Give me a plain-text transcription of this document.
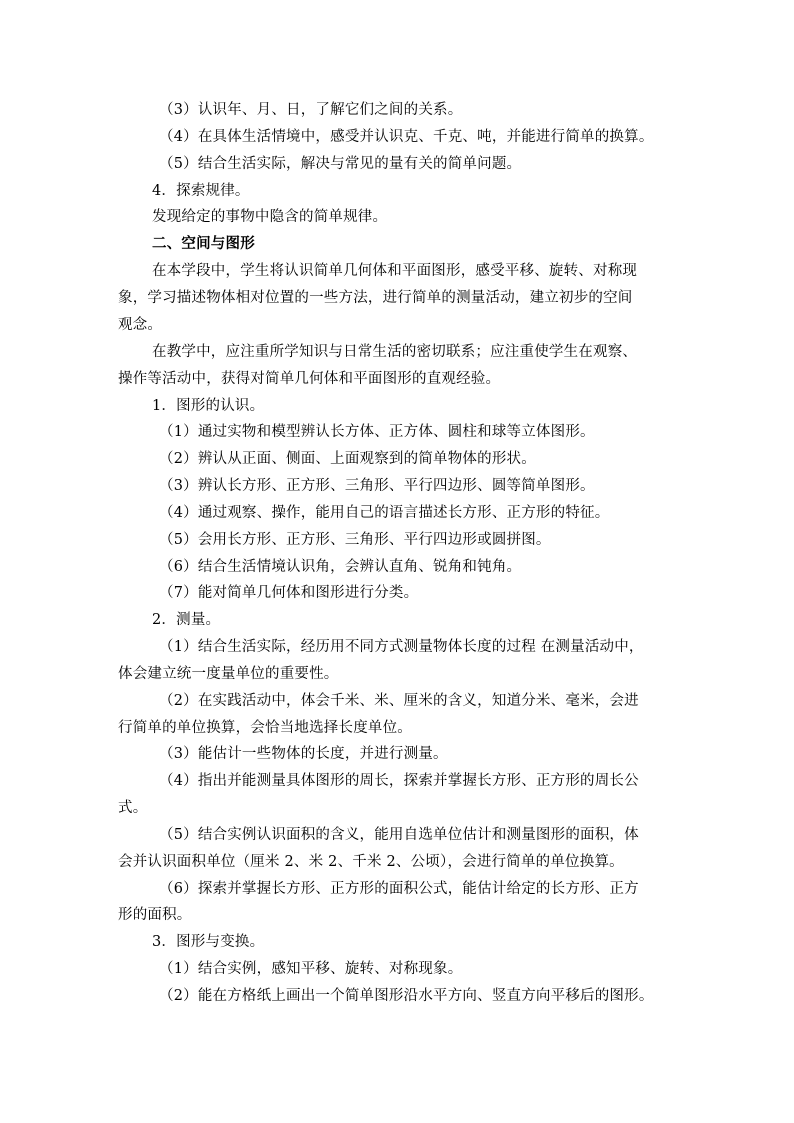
（3）认识年、月、日，了解它们之间的关系。
（4）在具体生活情境中，感受并认识克、千克、吨，并能进行简单的换算。
（5）结合生活实际，解决与常见的量有关的简单问题。
4．探索规律。
发现给定的事物中隐含的简单规律。
二、空间与图形
在本学段中，学生将认识简单几何体和平面图形，感受平移、旋转、对称现
象，学习描述物体相对位置的一些方法，进行简单的测量活动，建立初步的空间
观念。
在教学中，应注重所学知识与日常生活的密切联系；应注重使学生在观察、
操作等活动中，获得对简单几何体和平面图形的直观经验。
1．图形的认识。
（1）通过实物和模型辨认长方体、正方体、圆柱和球等立体图形。
（2）辨认从正面、侧面、上面观察到的简单物体的形状。
（3）辨认长方形、正方形、三角形、平行四边形、圆等简单图形。
（4）通过观察、操作，能用自己的语言描述长方形、正方形的特征。
（5）会用长方形、正方形、三角形、平行四边形或圆拼图。
（6）结合生活情境认识角，会辨认直角、锐角和钝角。
（7）能对简单几何体和图形进行分类。
2．测量。
（1）结合生活实际，经历用不同方式测量物体长度的过程 在测量活动中，
体会建立统一度量单位的重要性。
（2）在实践活动中，体会千米、米、厘米的含义，知道分米、毫米，会进
行简单的单位换算，会恰当地选择长度单位。
（3）能估计一些物体的长度，并进行测量。
（4）指出并能测量具体图形的周长，探索并掌握长方形、正方形的周长公
式。
（5）结合实例认识面积的含义，能用自选单位估计和测量图形的面积，体
会并认识面积单位（厘米 2、米 2、千米 2、公顷），会进行简单的单位换算。
（6）探索并掌握长方形、正方形的面积公式，能估计给定的长方形、正方
形的面积。
3．图形与变换。
（1）结合实例，感知平移、旋转、对称现象。
（2）能在方格纸上画出一个简单图形沿水平方向、竖直方向平移后的图形。
